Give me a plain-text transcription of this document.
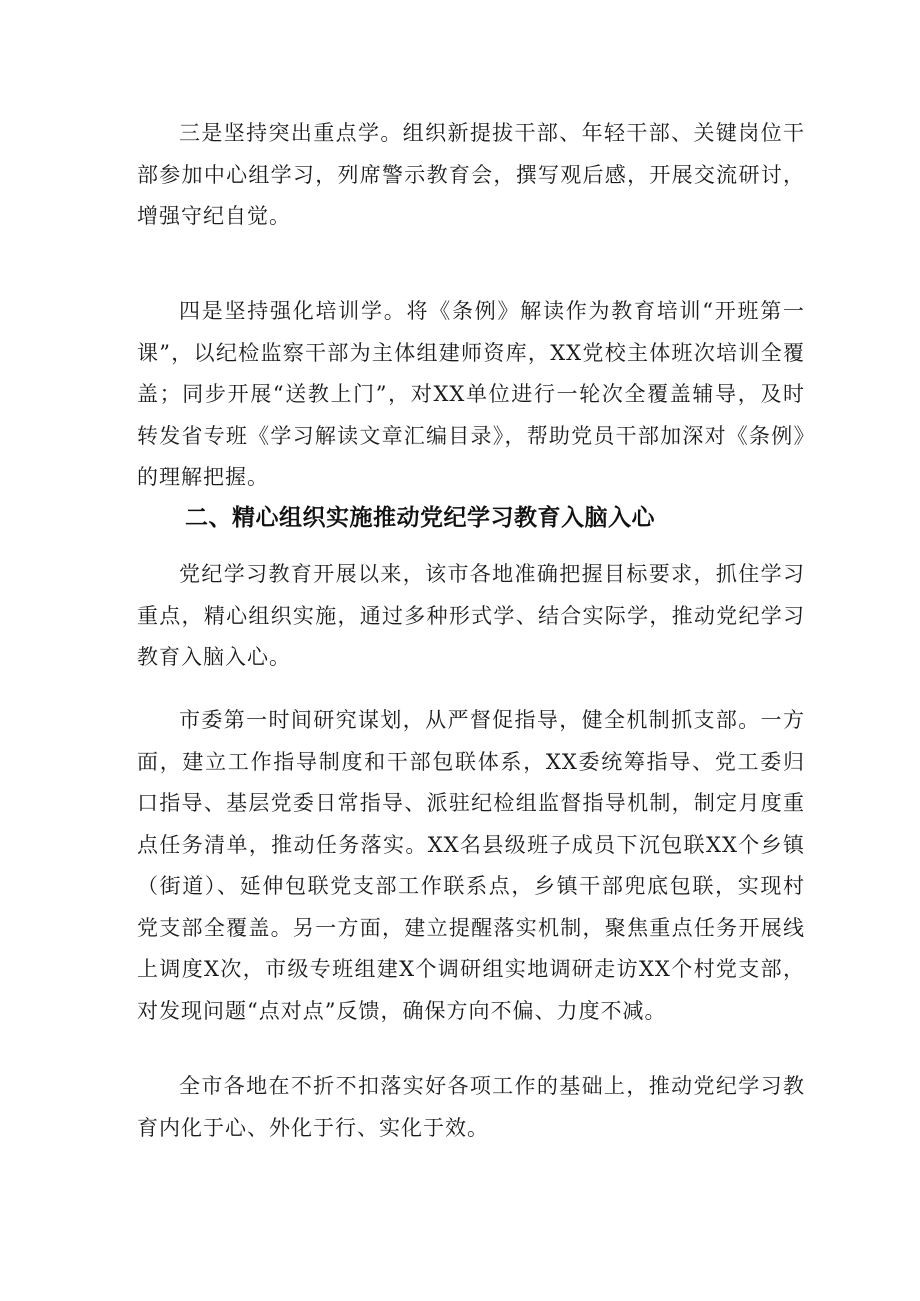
三是坚持突出重点学。组织新提拔干部、年轻干部、关键岗位干部参加中心组学习，列席警示教育会，撰写观后感，开展交流研讨，增强守纪自觉。

四是坚持强化培训学。将《条例》解读作为教育培训“开班第一课”，以纪检监察干部为主体组建师资库，XX党校主体班次培训全覆盖；同步开展“送教上门”，对XX单位进行一轮次全覆盖辅导，及时转发省专班《学习解读文章汇编目录》，帮助党员干部加深对《条例》的理解把握。

二、精心组织实施推动党纪学习教育入脑入心

党纪学习教育开展以来，该市各地准确把握目标要求，抓住学习重点，精心组织实施，通过多种形式学、结合实际学，推动党纪学习教育入脑入心。

市委第一时间研究谋划，从严督促指导，健全机制抓支部。一方面，建立工作指导制度和干部包联体系，XX委统筹指导、党工委归口指导、基层党委日常指导、派驻纪检组监督指导机制，制定月度重点任务清单，推动任务落实。XX名县级班子成员下沉包联XX个乡镇（街道）、延伸包联党支部工作联系点，乡镇干部兜底包联，实现村党支部全覆盖。另一方面，建立提醒落实机制，聚焦重点任务开展线上调度X次，市级专班组建X个调研组实地调研走访XX个村党支部，对发现问题“点对点”反馈，确保方向不偏、力度不减。

全市各地在不折不扣落实好各项工作的基础上，推动党纪学习教育内化于心、外化于行、实化于效。
